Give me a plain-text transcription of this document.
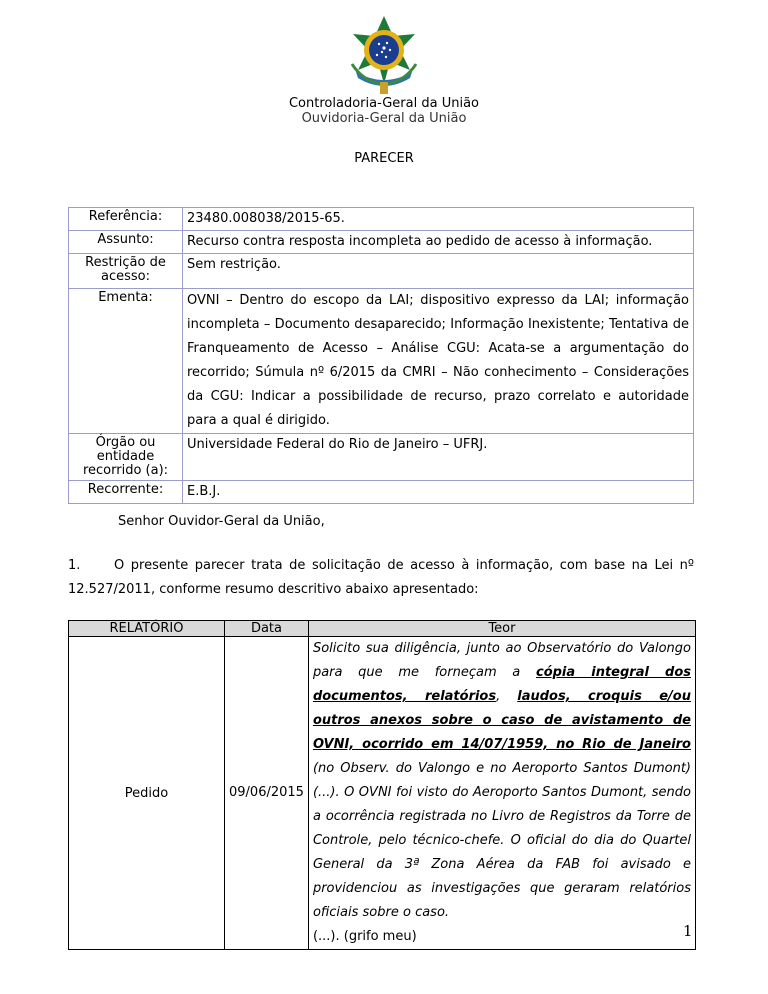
Controladoria-Geral da União
Ouvidoria-Geral da União
PARECER
Referência:	23480.008038/2015-65.
Assunto:	Recurso contra resposta incompleta ao pedido de acesso à informação.
Restrição de acesso:	Sem restrição.
Ementa:	OVNI – Dentro do escopo da LAI; dispositivo expresso da LAI; informação incompleta – Documento desaparecido; Informação Inexistente; Tentativa de Franqueamento de Acesso – Análise CGU: Acata-se a argumentação do recorrido; Súmula nº 6/2015 da CMRI – Não conhecimento – Considerações da CGU: Indicar a possibilidade de recurso, prazo correlato e autoridade para a qual é dirigido.
Órgão ou entidade recorrido (a):	Universidade Federal do Rio de Janeiro – UFRJ.
Recorrente:	E.B.J.
Senhor Ouvidor-Geral da União,
1.	O presente parecer trata de solicitação de acesso à informação, com base na Lei nº 12.527/2011, conforme resumo descritivo abaixo apresentado:
RELATÓRIO	Data	Teor
Pedido	09/06/2015	Solicito sua diligência, junto ao Observatório do Valongo para que me forneçam a cópia integral dos documentos, relatórios, laudos, croquis e/ou outros anexos sobre o caso de avistamento de OVNI, ocorrido em 14/07/1959, no Rio de Janeiro (no Observ. do Valongo e no Aeroporto Santos Dumont) (...). O OVNI foi visto do Aeroporto Santos Dumont, sendo a ocorrência registrada no Livro de Registros da Torre de Controle, pelo técnico-chefe. O oficial do dia do Quartel General da 3ª Zona Aérea da FAB foi avisado e providenciou as investigações que geraram relatórios oficiais sobre o caso.
(...). (grifo meu)	1
